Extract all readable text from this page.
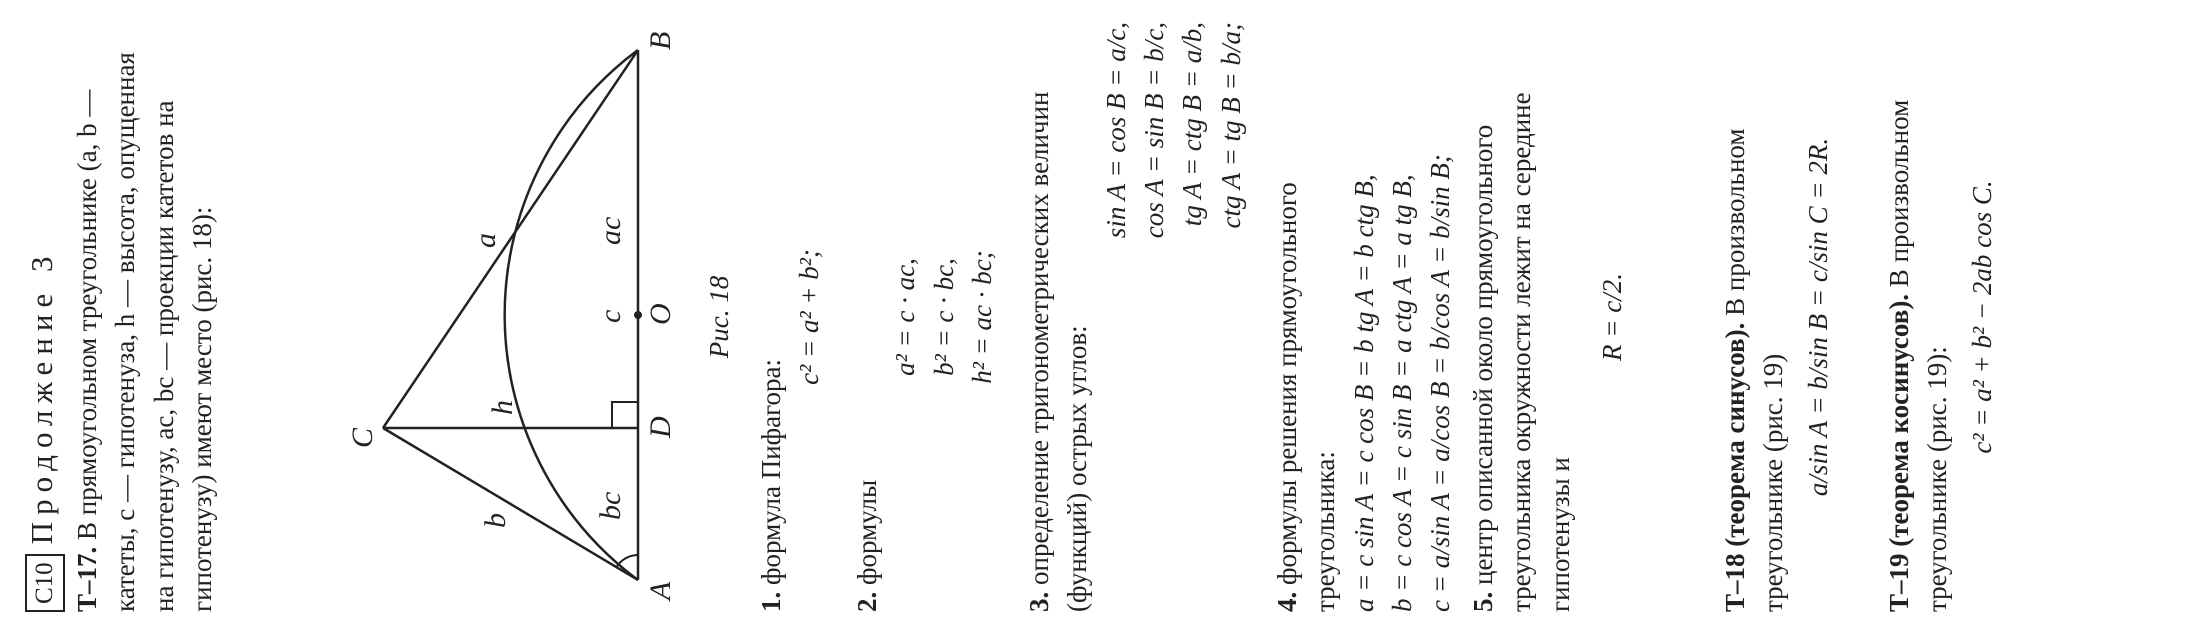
С10Продолжение 3
Т–17. В прямоугольном треугольнике (a, b — катеты, c — гипотенуза, h — высота, опущенная на гипотенузу, aс, bс — проекции катетов на гипотенузу) имеют место (рис. 18):	C
A
B
D
O
c
h
b
a	ac
bc
Рис. 18
1. формула Пифагора:
c² = a² + b²;
2. формулы
a² = c · aс, b² = c · bс, h² = aс · bс;
3. определение тригонометрических величин (функций) острых углов:
sin A = cos B = a/c, cos A = sin B = b/c, tg A = ctg B = a/b, ctg A = tg B = b/a;
4. формулы решения прямоугольного треугольника: a = c sin A = c cos B = b tg A = b ctg B, b = c cos A = c sin B = a ctg A = a tg B, c = a/sin A = a/cos B = b/cos A = b/sin B; 5. центр описанной около прямоугольного треугольника окружности лежит на середине гипотенузы и
R = c/2.
Т–18 (теорема синусов). В произвольном треугольнике (рис. 19) a/sin A = b/sin B = c/sin C = 2R.
Т–19 (теорема косинусов). В произвольном треугольнике (рис. 19):
c² = a² + b² − 2ab cos C.
